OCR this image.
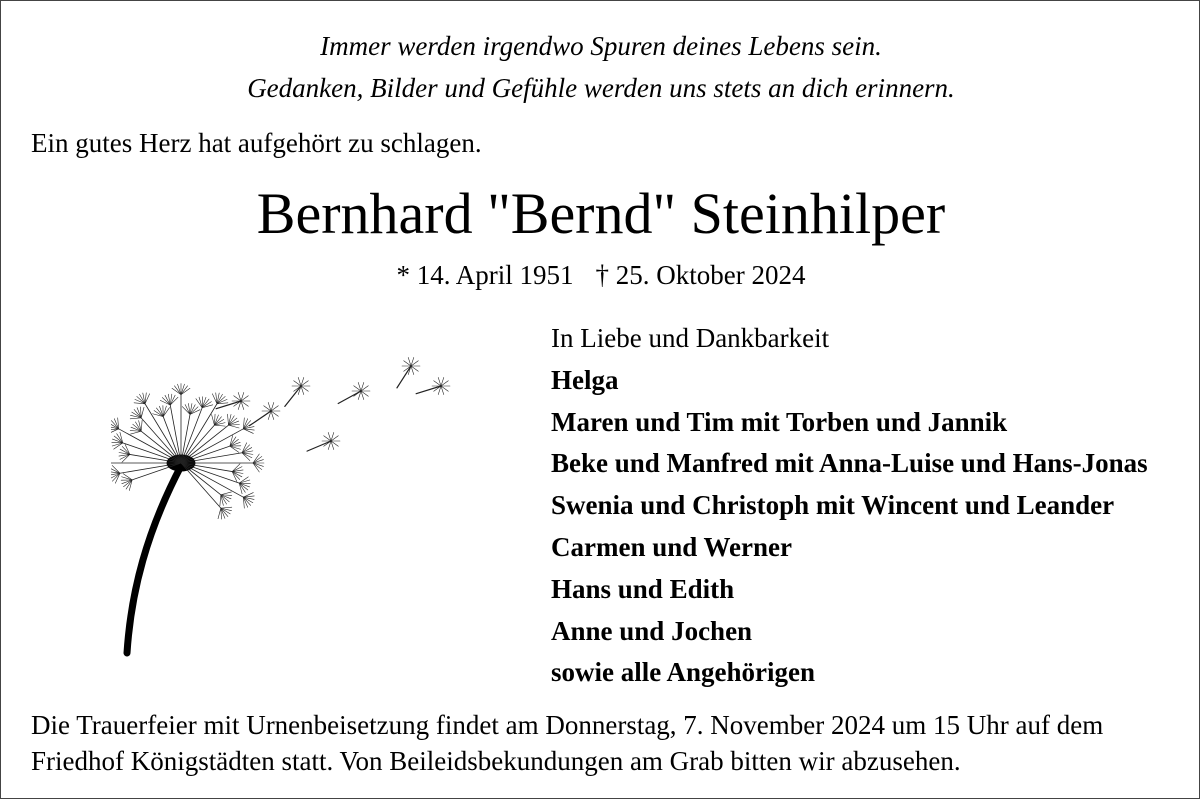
Immer werden irgendwo Spuren deines Lebens sein.
Gedanken, Bilder und Gefühle werden uns stets an dich erinnern.
Ein gutes Herz hat aufgehört zu schlagen.
Bernhard "Bernd" Steinhilper
* 14. April 1951 † 25. Oktober 2024
In Liebe und Dankbarkeit
Helga
Maren und Tim mit Torben und Jannik
Beke und Manfred mit Anna-Luise und Hans-Jonas
Swenia und Christoph mit Wincent und Leander
Carmen und Werner
Hans und Edith
Anne und Jochen
sowie alle Angehörigen
Die Trauerfeier mit Urnenbeisetzung findet am Donnerstag, 7. November 2024 um 15 Uhr auf dem
Friedhof Königstädten statt. Von Beileidsbekundungen am Grab bitten wir abzusehen.
